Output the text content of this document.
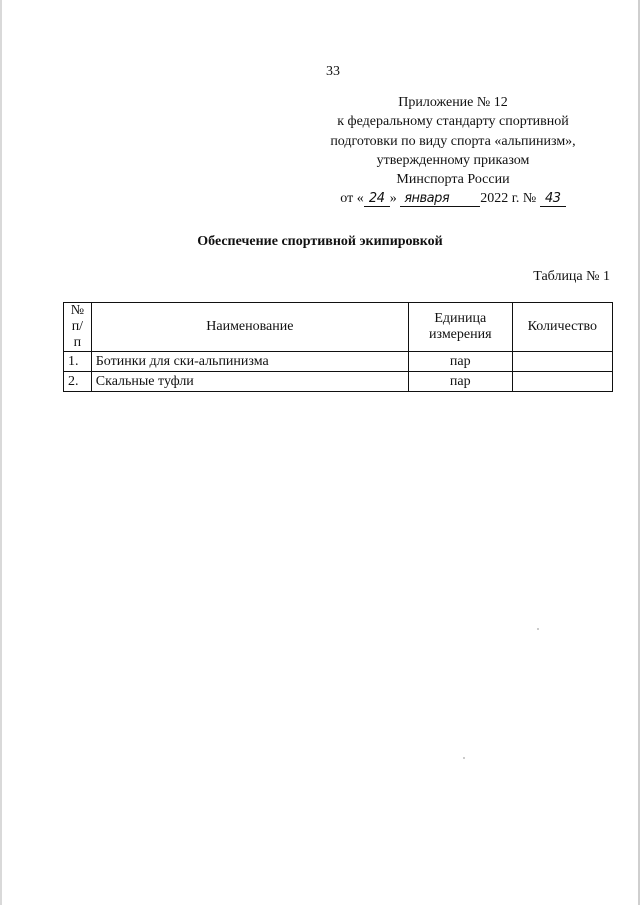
33
Приложение № 12
к федеральному стандарту спортивной
подготовки по виду спорта «альпинизм»,
утвержденному приказом
Минспорта России
от « 24 » января 2022 г. № 43
Обеспечение спортивной экипировкой
Таблица № 1
№ п/п	Наименование	Единица измерения	Количество
1.	Ботинки для ски-альпинизма	пар	
2.	Скальные туфли	пар	
